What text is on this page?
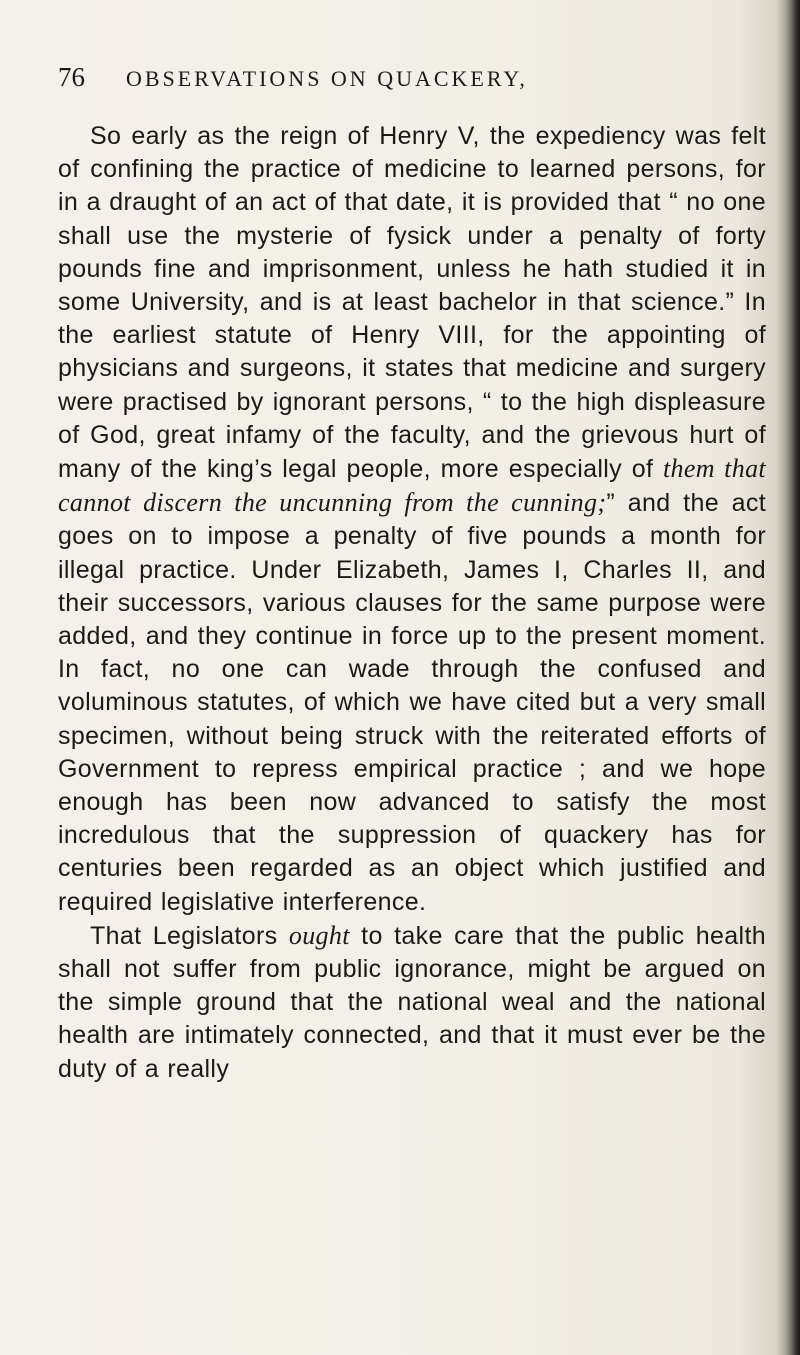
76 OBSERVATIONS ON QUACKERY,

So early as the reign of Henry V, the expediency was felt of confining the practice of medicine to learned persons, for in a draught of an act of that date, it is provided that “ no one shall use the mysterie of fysick under a penalty of forty pounds fine and imprisonment, unless he hath studied it in some University, and is at least bachelor in that science.” In the earliest statute of Henry VIII, for the appointing of physicians and surgeons, it states that medicine and surgery were practised by ignorant persons, “ to the high displeasure of God, great infamy of the faculty, and the grievous hurt of many of the king’s legal people, more especially of them that cannot discern the uncunning from the cunning;” and the act goes on to impose a penalty of five pounds a month for illegal practice. Under Elizabeth, James I, Charles II, and their successors, various clauses for the same purpose were added, and they continue in force up to the present moment. In fact, no one can wade through the confused and voluminous statutes, of which we have cited but a very small specimen, without being struck with the reiterated efforts of Government to repress empirical practice ; and we hope enough has been now advanced to satisfy the most incredulous that the suppression of quackery has for centuries been regarded as an object which justified and required legislative interference.

That Legislators ought to take care that the public health shall not suffer from public ignorance, might be argued on the simple ground that the national weal and the national health are intimately connected, and that it must ever be the duty of a really
